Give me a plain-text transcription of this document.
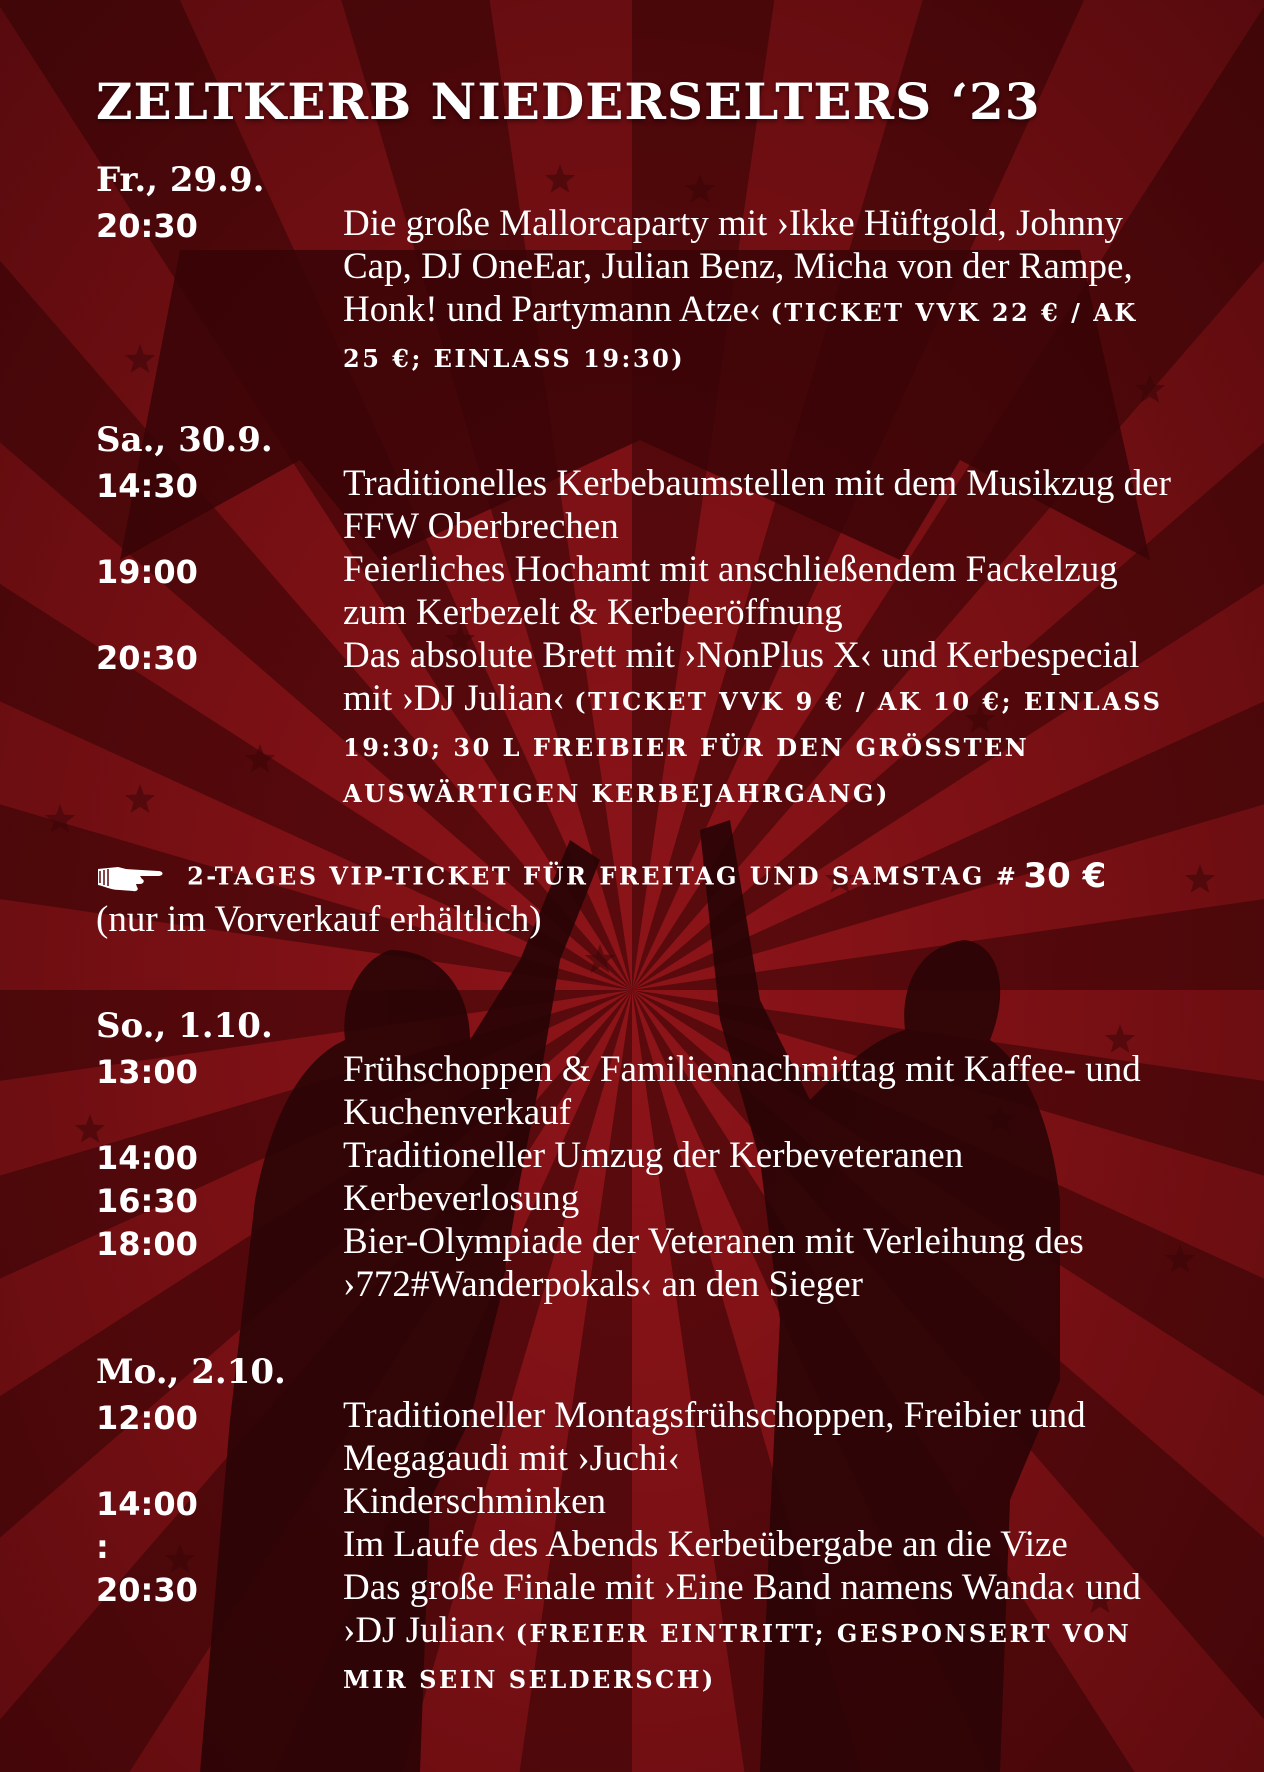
ZELTKERB NIEDERSELTERS ‘23
Fr., 29.9.
20:30	Die große Mallorcaparty mit ›Ikke Hüftgold, Johnny Cap, DJ OneEar, Julian Benz, Micha von der Rampe, Honk! und Partymann Atze‹ (TICKET VVK 22 € / AK 25 €; EINLASS 19:30)
Sa., 30.9.
14:30	Traditionelles Kerbebaumstellen mit dem Musikzug der FFW Oberbrechen
19:00	Feierliches Hochamt mit anschließendem Fackelzug zum Kerbezelt & Kerbeeröffnung
20:30	Das absolute Brett mit ›NonPlus X‹ und Kerbespecial mit ›DJ Julian‹ (TICKET VVK 9 € / AK 10 €; EINLASS 19:30; 30 L FREIBIER FÜR DEN GRÖSSTEN AUSWÄRTIGEN KERBEJAHRGANG)
2-TAGES VIP-TICKET FÜR FREITAG UND SAMSTAG # 30 €
(nur im Vorverkauf erhältlich)
So., 1.10.
13:00	Frühschoppen & Familiennachmittag mit Kaffee- und Kuchenverkauf
14:00	Traditioneller Umzug der Kerbeveteranen
16:30	Kerbeverlosung
18:00	Bier-Olympiade der Veteranen mit Verleihung des ›772#Wanderpokals‹ an den Sieger
Mo., 2.10.
12:00	Traditioneller Montagsfrühschoppen, Freibier und Megagaudi mit ›Juchi‹
14:00	Kinderschminken
:	Im Laufe des Abends Kerbeübergabe an die Vize
20:30	Das große Finale mit ›Eine Band namens Wanda‹ und ›DJ Julian‹ (FREIER EINTRITT; GESPONSERT VON MIR SEIN SELDERSCH)
